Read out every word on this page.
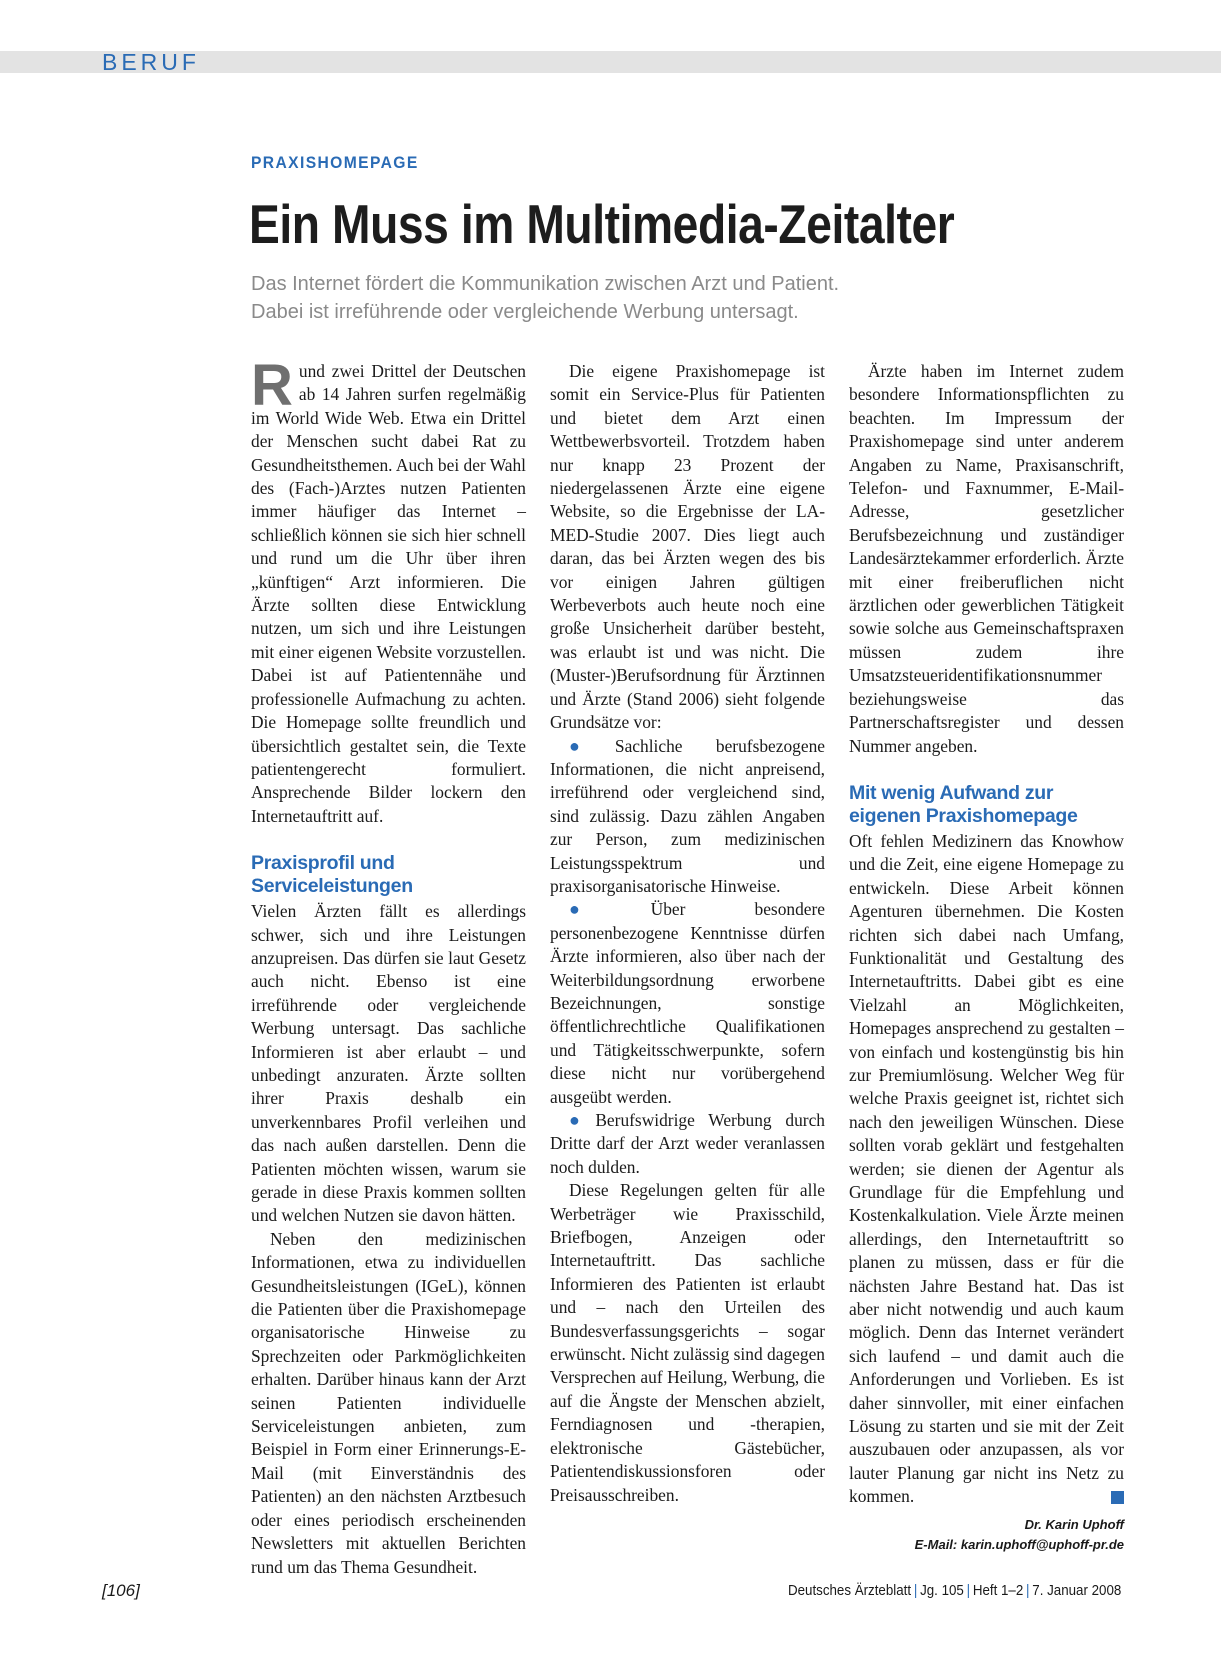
BERUF
PRAXISHOMEPAGE
Ein Muss im Multimedia-Zeitalter
Das Internet fördert die Kommunikation zwischen Arzt und Patient.
Dabei ist irreführende oder vergleichende Werbung untersagt.

Rund zwei Drittel der Deutschen ab 14 Jahren surfen regelmäßig im World Wide Web. Etwa ein Drittel der Menschen sucht dabei Rat zu Gesundheitsthemen. Auch bei der Wahl des (Fach-)Arztes nutzen Patienten immer häufiger das Internet – schließlich können sie sich hier schnell und rund um die Uhr über ihren „künftigen“ Arzt informieren. Die Ärzte sollten diese Entwicklung nutzen, um sich und ihre Leistungen mit einer eigenen Website vorzustellen. Dabei ist auf Patientennähe und professionelle Aufmachung zu achten. Die Homepage sollte freundlich und übersichtlich gestaltet sein, die Texte patientengerecht formuliert. Ansprechende Bilder lockern den Internetauftritt auf.

Praxisprofil und Serviceleistungen

Vielen Ärzten fällt es allerdings schwer, sich und ihre Leistungen anzupreisen. Das dürfen sie laut Gesetz auch nicht. Ebenso ist eine irreführende oder vergleichende Werbung untersagt. Das sachliche Informieren ist aber erlaubt – und unbedingt anzuraten. Ärzte sollten ihrer Praxis deshalb ein unverkennbares Profil verleihen und das nach außen darstellen. Denn die Patienten möchten wissen, warum sie gerade in diese Praxis kommen sollten und welchen Nutzen sie davon hätten.

Neben den medizinischen Informationen, etwa zu individuellen Gesundheitsleistungen (IGeL), können die Patienten über die Praxishomepage organisatorische Hinweise zu Sprechzeiten oder Parkmöglichkeiten erhalten. Darüber hinaus kann der Arzt seinen Patienten individuelle Serviceleistungen anbieten, zum Beispiel in Form einer Erinnerungs-E-Mail (mit Einverständnis des Patienten) an den nächsten Arztbesuch oder eines periodisch erscheinenden Newsletters mit aktuellen Berichten rund um das Thema Gesundheit.

Die eigene Praxishomepage ist somit ein Service-Plus für Patienten und bietet dem Arzt einen Wettbewerbsvorteil. Trotzdem haben nur knapp 23 Prozent der niedergelassenen Ärzte eine eigene Website, so die Ergebnisse der LA-MED-Studie 2007. Dies liegt auch daran, das bei Ärzten wegen des bis vor einigen Jahren gültigen Werbeverbots auch heute noch eine große Unsicherheit darüber besteht, was erlaubt ist und was nicht. Die (Muster-)Berufsordnung für Ärztinnen und Ärzte (Stand 2006) sieht folgende Grundsätze vor:

● Sachliche berufsbezogene Informationen, die nicht anpreisend, irreführend oder vergleichend sind, sind zulässig. Dazu zählen Angaben zur Person, zum medizinischen Leistungsspektrum und praxisorganisatorische Hinweise.

● Über besondere personenbezogene Kenntnisse dürfen Ärzte informieren, also über nach der Weiterbildungsordnung erworbene Bezeichnungen, sonstige öffentlichrechtliche Qualifikationen und Tätigkeitsschwerpunkte, sofern diese nicht nur vorübergehend ausgeübt werden.

● Berufswidrige Werbung durch Dritte darf der Arzt weder veranlassen noch dulden.

Diese Regelungen gelten für alle Werbeträger wie Praxisschild, Briefbogen, Anzeigen oder Internetauftritt. Das sachliche Informieren des Patienten ist erlaubt und – nach den Urteilen des Bundesverfassungsgerichts – sogar erwünscht. Nicht zulässig sind dagegen Versprechen auf Heilung, Werbung, die auf die Ängste der Menschen abzielt, Ferndiagnosen und -therapien, elektronische Gästebücher, Patientendiskussionsforen oder Preisausschreiben.

Ärzte haben im Internet zudem besondere Informationspflichten zu beachten. Im Impressum der Praxishomepage sind unter anderem Angaben zu Name, Praxisanschrift, Telefon- und Faxnummer, E-Mail-Adresse, gesetzlicher Berufsbezeichnung und zuständiger Landesärztekammer erforderlich. Ärzte mit einer freiberuflichen nicht ärztlichen oder gewerblichen Tätigkeit sowie solche aus Gemeinschaftspraxen müssen zudem ihre Umsatzsteueridentifikationsnummer beziehungsweise das Partnerschaftsregister und dessen Nummer angeben.

Mit wenig Aufwand zur eigenen Praxishomepage

Oft fehlen Medizinern das Knowhow und die Zeit, eine eigene Homepage zu entwickeln. Diese Arbeit können Agenturen übernehmen. Die Kosten richten sich dabei nach Umfang, Funktionalität und Gestaltung des Internetauftritts. Dabei gibt es eine Vielzahl an Möglichkeiten, Homepages ansprechend zu gestalten – von einfach und kostengünstig bis hin zur Premiumlösung. Welcher Weg für welche Praxis geeignet ist, richtet sich nach den jeweiligen Wünschen. Diese sollten vorab geklärt und festgehalten werden; sie dienen der Agentur als Grundlage für die Empfehlung und Kostenkalkulation. Viele Ärzte meinen allerdings, den Internetauftritt so planen zu müssen, dass er für die nächsten Jahre Bestand hat. Das ist aber nicht notwendig und auch kaum möglich. Denn das Internet verändert sich laufend – und damit auch die Anforderungen und Vorlieben. Es ist daher sinnvoller, mit einer einfachen Lösung zu starten und sie mit der Zeit auszubauen oder anzupassen, als vor lauter Planung gar nicht ins Netz zu kommen.

Dr. Karin Uphoff
E-Mail: karin.uphoff@uphoff-pr.de
[106]	Deutsches Ärzteblatt | Jg. 105 | Heft 1–2 | 7. Januar 2008
